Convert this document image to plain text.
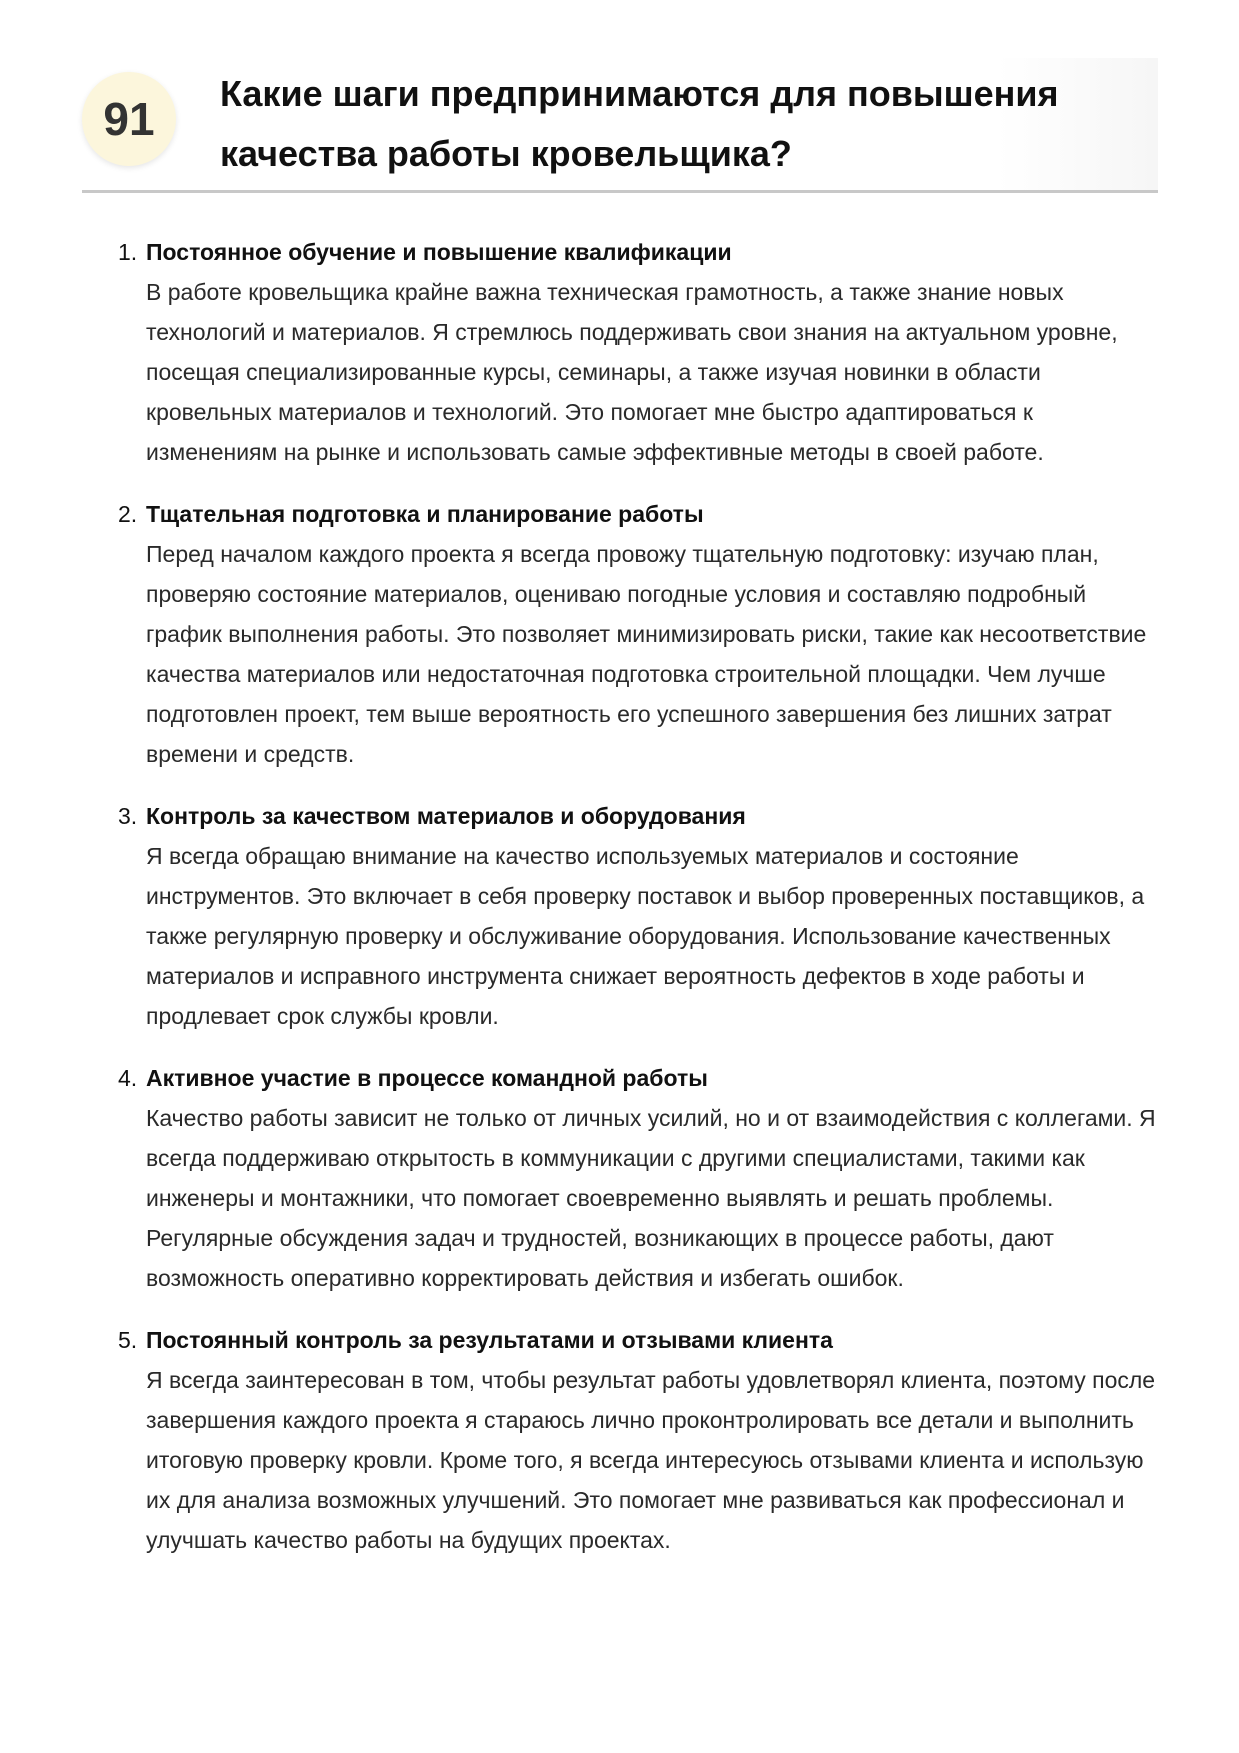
91	Какие шаги предпринимаются для повышения качества работы кровельщика?
1. Постоянное обучение и повышение квалификации

В работе кровельщика крайне важна техническая грамотность, а также знание новых технологий и материалов. Я стремлюсь поддерживать свои знания на актуальном уровне, посещая специализированные курсы, семинары, а также изучая новинки в области кровельных материалов и технологий. Это помогает мне быстро адаптироваться к изменениям на рынке и использовать самые эффективные методы в своей работе.

2. Тщательная подготовка и планирование работы

Перед началом каждого проекта я всегда провожу тщательную подготовку: изучаю план, проверяю состояние материалов, оцениваю погодные условия и составляю подробный график выполнения работы. Это позволяет минимизировать риски, такие как несоответствие качества материалов или недостаточная подготовка строительной площадки. Чем лучше подготовлен проект, тем выше вероятность его успешного завершения без лишних затрат времени и средств.

3. Контроль за качеством материалов и оборудования

Я всегда обращаю внимание на качество используемых материалов и состояние инструментов. Это включает в себя проверку поставок и выбор проверенных поставщиков, а также регулярную проверку и обслуживание оборудования. Использование качественных материалов и исправного инструмента снижает вероятность дефектов в ходе работы и продлевает срок службы кровли.

4. Активное участие в процессе командной работы

Качество работы зависит не только от личных усилий, но и от взаимодействия с коллегами. Я всегда поддерживаю открытость в коммуникации с другими специалистами, такими как инженеры и монтажники, что помогает своевременно выявлять и решать проблемы. Регулярные обсуждения задач и трудностей, возникающих в процессе работы, дают возможность оперативно корректировать действия и избегать ошибок.

5. Постоянный контроль за результатами и отзывами клиента

Я всегда заинтересован в том, чтобы результат работы удовлетворял клиента, поэтому после завершения каждого проекта я стараюсь лично проконтролировать все детали и выполнить итоговую проверку кровли. Кроме того, я всегда интересуюсь отзывами клиента и использую их для анализа возможных улучшений. Это помогает мне развиваться как профессионал и улучшать качество работы на будущих проектах.
